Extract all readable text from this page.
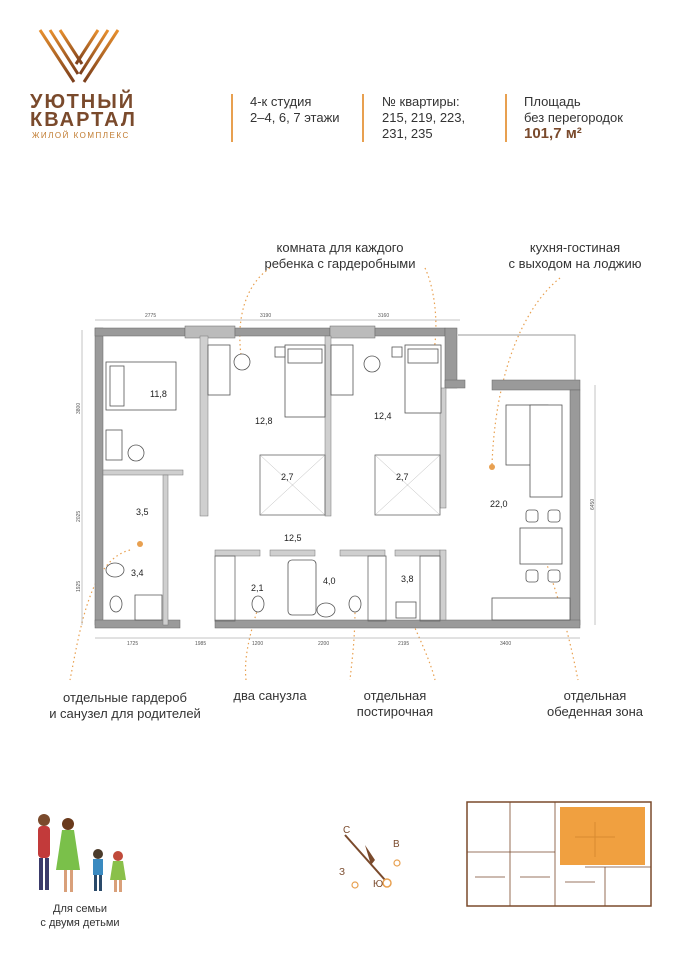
УЮТНЫЙ
КВАРТАЛ
ЖИЛОЙ КОМПЛЕКС
4-к студия
2–4, 6, 7 этажи
№ квартиры:
215, 219, 223,
231, 235
Площадь
без перегородок
101,7 м²
комната для каждого
ребенка с гардеробными
кухня-гостиная
с выходом на лоджию
отдельные гардероб
и санузел для родителей
два санузла	отдельная
постирочная
отдельная
обеденная зона
11,8
12,8	12,4
22,0
2,7	2,7
3,5
3,4
12,5
2,1
4,0	3,8
2775	3190	3160
1725	1985	1200	2200	2195	3400
3800
2025
1925
6450
Для семьи
с двумя детьми
С
В
Ю
З
